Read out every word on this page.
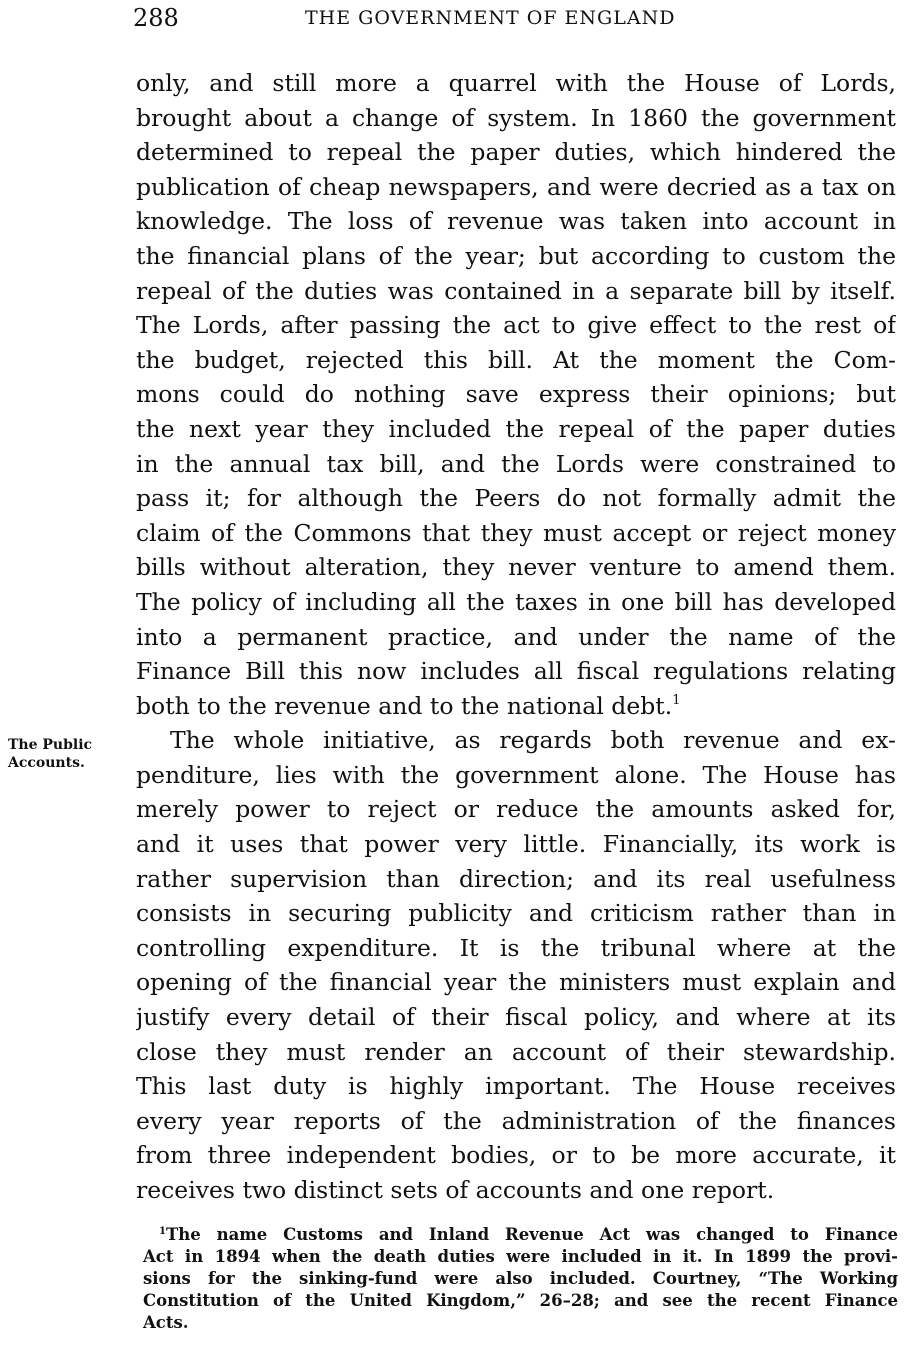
288	THE GOVERNMENT OF ENGLAND
The Public
Accounts.
only, and still more a quarrel with the House of Lords,
brought about a change of system. In 1860 the government
determined to repeal the paper duties, which hindered the
publication of cheap newspapers, and were decried as a tax on
knowledge. The loss of revenue was taken into account in
the financial plans of the year; but according to custom the
repeal of the duties was contained in a separate bill by itself.
The Lords, after passing the act to give effect to the rest of
the budget, rejected this bill. At the moment the Com-
mons could do nothing save express their opinions; but
the next year they included the repeal of the paper duties
in the annual tax bill, and the Lords were constrained to
pass it; for although the Peers do not formally admit the
claim of the Commons that they must accept or reject money
bills without alteration, they never venture to amend them.
The policy of including all the taxes in one bill has developed
into a permanent practice, and under the name of the
Finance Bill this now includes all fiscal regulations relating
both to the revenue and to the national debt.$^1$
The whole initiative, as regards both revenue and ex-
penditure, lies with the government alone. The House has
merely power to reject or reduce the amounts asked for,
and it uses that power very little. Financially, its work is
rather supervision than direction; and its real usefulness
consists in securing publicity and criticism rather than in
controlling expenditure. It is the tribunal where at the
opening of the financial year the ministers must explain and
justify every detail of their fiscal policy, and where at its
close they must render an account of their stewardship.
This last duty is highly important. The House receives
every year reports of the administration of the finances
from three independent bodies, or to be more accurate, it
receives two distinct sets of accounts and one report.
$^1$The name Customs and Inland Revenue Act was changed to Finance
Act in 1894 when the death duties were included in it. In 1899 the provi-
sions for the sinking-fund were also included. Courtney, “The Working
Constitution of the United Kingdom,” 26–28; and see the recent Finance
Acts.
